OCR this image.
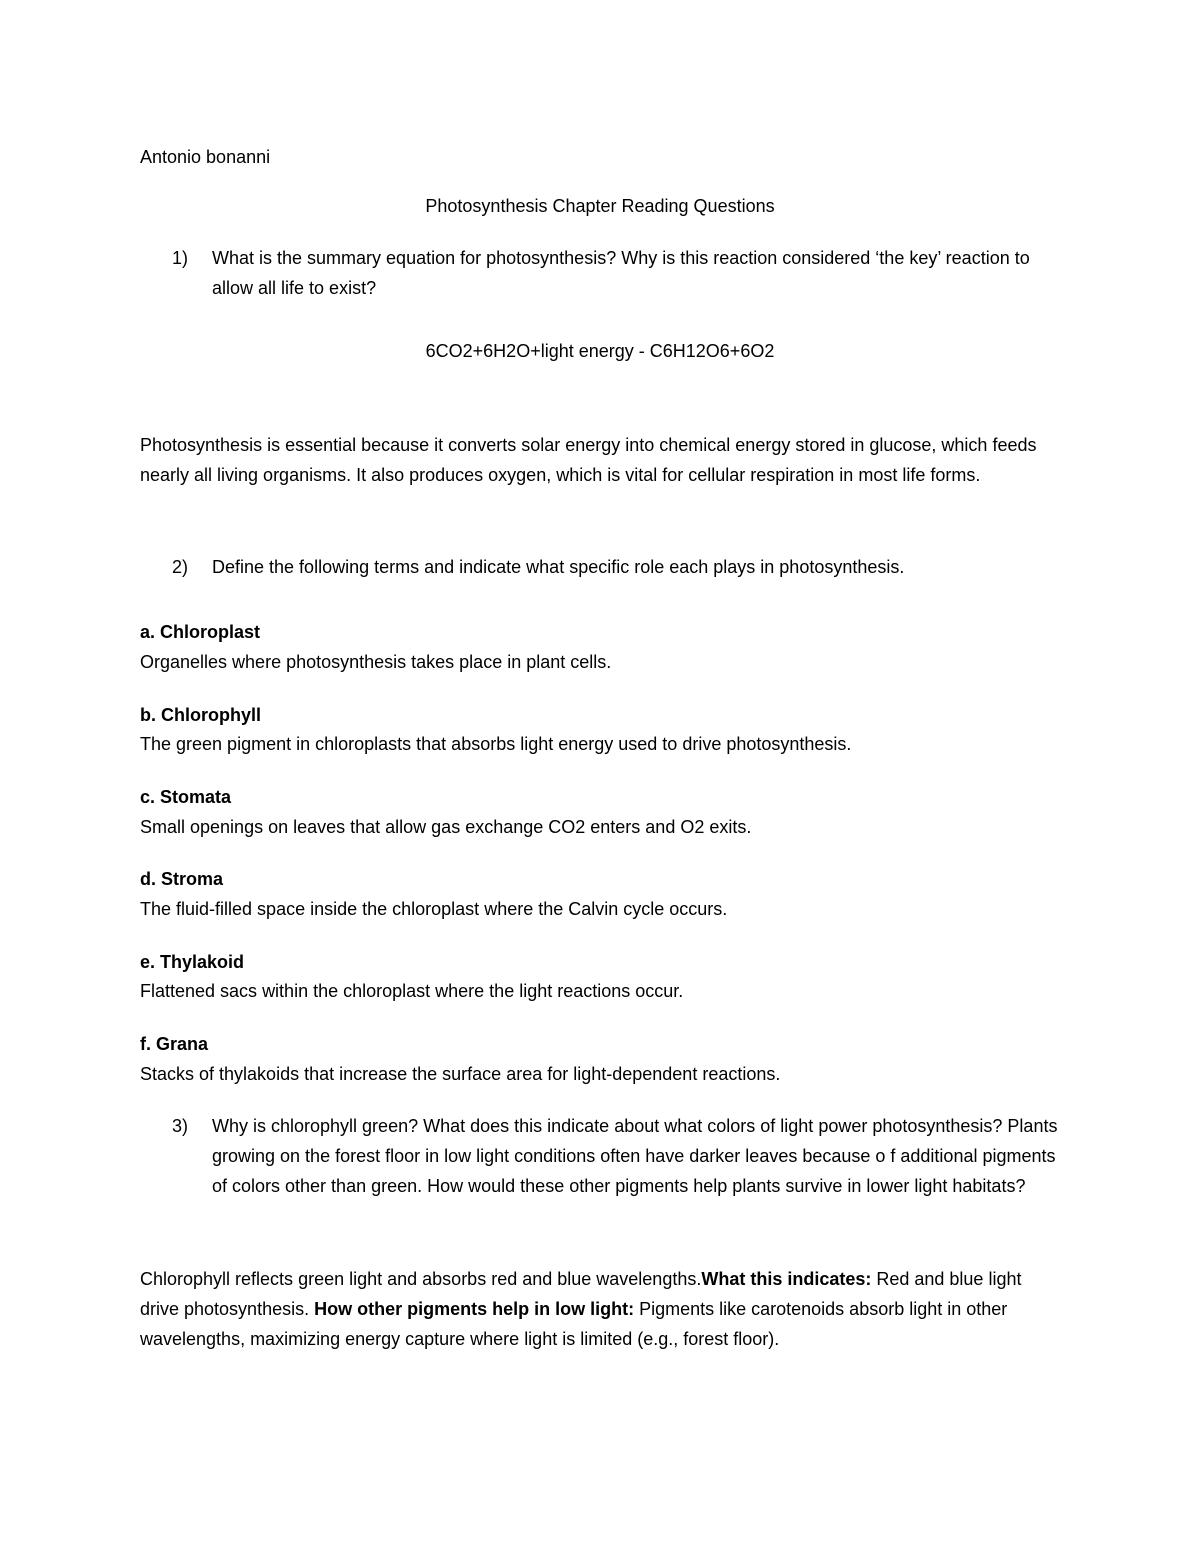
Antonio bonanni
Photosynthesis Chapter Reading Questions
1) What is the summary equation for photosynthesis? Why is this reaction considered ‘the key’ reaction to allow all life to exist?
6CO2+6H2O+light energy - C6H12O6+6O2
Photosynthesis is essential because it converts solar energy into chemical energy stored in glucose, which feeds nearly all living organisms. It also produces oxygen, which is vital for cellular respiration in most life forms.
2) Define the following terms and indicate what specific role each plays in photosynthesis.
a. Chloroplast
Organelles where photosynthesis takes place in plant cells.
b. Chlorophyll
The green pigment in chloroplasts that absorbs light energy used to drive photosynthesis.
c. Stomata
Small openings on leaves that allow gas exchange CO2 enters and O2 exits.
d. Stroma
The fluid-filled space inside the chloroplast where the Calvin cycle occurs.
e. Thylakoid
Flattened sacs within the chloroplast where the light reactions occur.
f. Grana
Stacks of thylakoids that increase the surface area for light-dependent reactions.
3) Why is chlorophyll green? What does this indicate about what colors of light power photosynthesis? Plants growing on the forest floor in low light conditions often have darker leaves because o f additional pigments of colors other than green. How would these other pigments help plants survive in lower light habitats?
Chlorophyll reflects green light and absorbs red and blue wavelengths.What this indicates: Red and blue light drive photosynthesis. How other pigments help in low light: Pigments like carotenoids absorb light in other wavelengths, maximizing energy capture where light is limited (e.g., forest floor).
